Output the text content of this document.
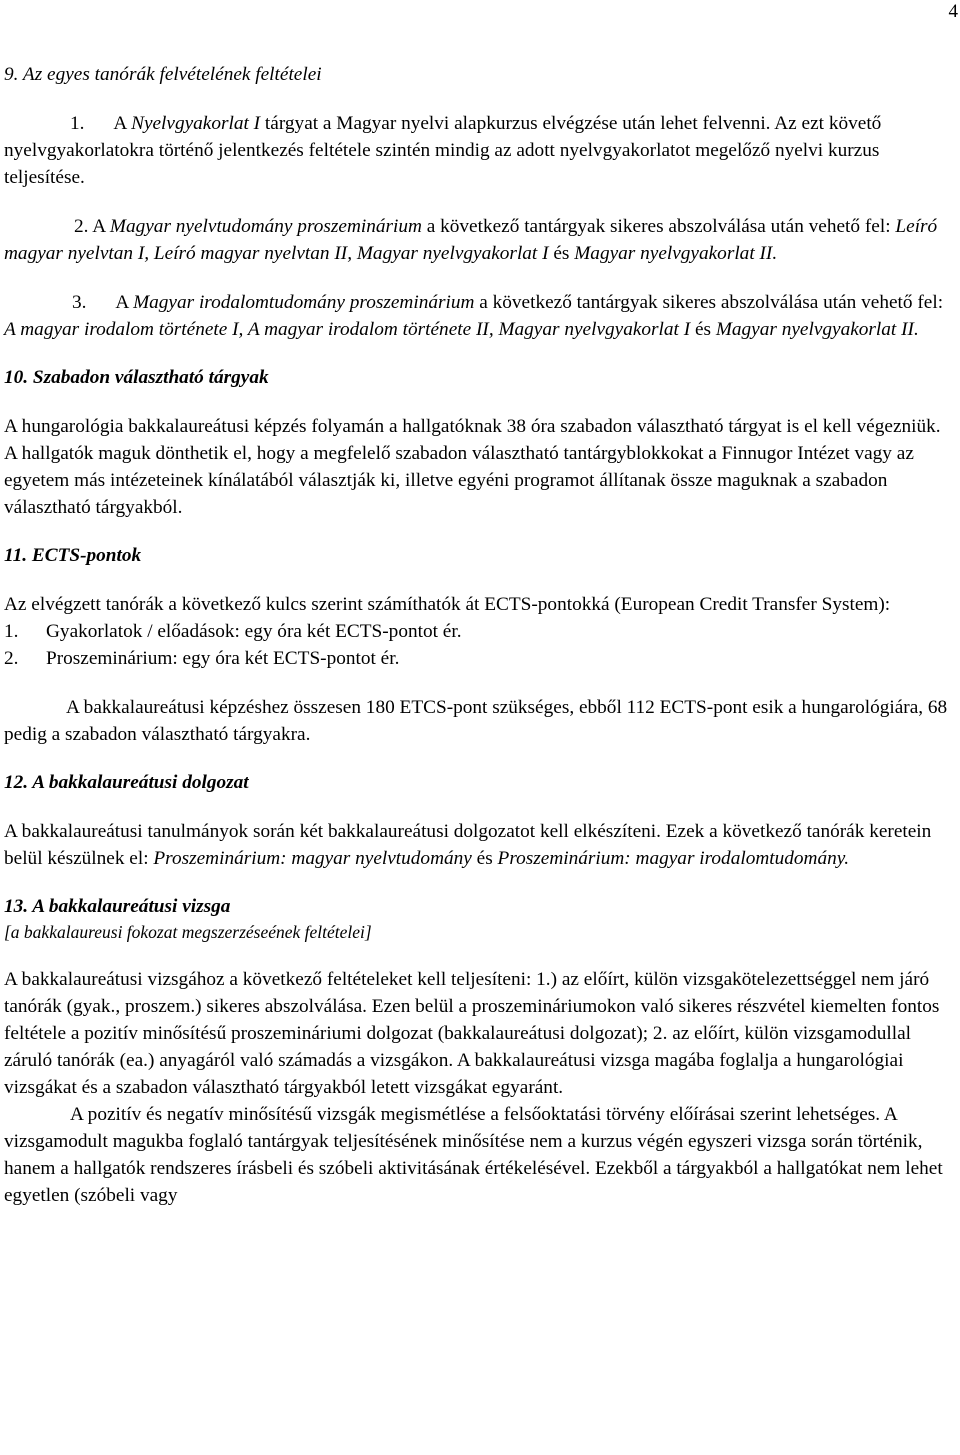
4

9. Az egyes tanórák felvételének feltételei

1.  A Nyelvgyakorlat I tárgyat a Magyar nyelvi alapkurzus elvégzése után lehet felvenni. Az ezt követő nyelvgyakorlatokra történő jelentkezés feltétele szintén mindig az adott nyelvgyakorlatot megelőző nyelvi kurzus teljesítése.

2. A Magyar nyelvtudomány proszeminárium a következő tantárgyak sikeres abszolválása után vehető fel: Leíró magyar nyelvtan I, Leíró magyar nyelvtan II, Magyar nyelvgyakorlat I és Magyar nyelvgyakorlat II.

3.  A Magyar irodalomtudomány proszeminárium a következő tantárgyak sikeres abszolválása után vehető fel: A magyar irodalom története I, A magyar irodalom története II, Magyar nyelvgyakorlat I és Magyar nyelvgyakorlat II.

10. Szabadon választható tárgyak

A hungarológia bakkalaureátusi képzés folyamán a hallgatóknak 38 óra szabadon választható tárgyat is el kell végezniük. A hallgatók maguk dönthetik el, hogy a megfelelő szabadon választható tantárgyblokkokat a Finnugor Intézet vagy az egyetem más intézeteinek kínálatából választják ki, illetve egyéni programot állítanak össze maguknak a szabadon választható tárgyakból.

11. ECTS-pontok

Az elvégzett tanórák a következő kulcs szerint számíthatók át ECTS-pontokká (European Credit Transfer System):

1.	Gyakorlatok / előadások: egy óra két ECTS-pontot ér.
2.	Proszeminárium: egy óra két ECTS-pontot ér.

A bakkalaureátusi képzéshez összesen 180 ETCS-pont szükséges, ebből 112 ECTS-pont esik a hungarológiára, 68 pedig a szabadon választható tárgyakra.

12. A bakkalaureátusi dolgozat

A bakkalaureátusi tanulmányok során két bakkalaureátusi dolgozatot kell elkészíteni. Ezek a következő tanórák keretein belül készülnek el: Proszeminárium: magyar nyelvtudomány és Proszeminárium: magyar irodalomtudomány.

13. A bakkalaureátusi vizsga

[a bakkalaureusi fokozat megszerzéseének feltételei]

A bakkalaureátusi vizsgához a következő feltételeket kell teljesíteni: 1.) az előírt, külön vizsgakötelezettséggel nem járó tanórák (gyak., proszem.) sikeres abszolválása. Ezen belül a proszemináriumokon való sikeres részvétel kiemelten fontos feltétele a pozitív minősítésű proszemináriumi dolgozat (bakkalaureátusi dolgozat); 2. az előírt, külön vizsgamodullal záruló tanórák (ea.) anyagáról való számadás a vizsgákon. A bakkalaureátusi vizsga magába foglalja a hungarológiai vizsgákat és a szabadon választható tárgyakból letett vizsgákat egyaránt.

A pozitív és negatív minősítésű vizsgák megismétlése a felsőoktatási törvény előírásai szerint lehetséges. A vizsgamodult magukba foglaló tantárgyak teljesítésének minősítése nem a kurzus végén egyszeri vizsga során történik, hanem a hallgatók rendszeres írásbeli és szóbeli aktivitásának értékelésével. Ezekből a tárgyakból a hallgatókat nem lehet egyetlen (szóbeli vagy
